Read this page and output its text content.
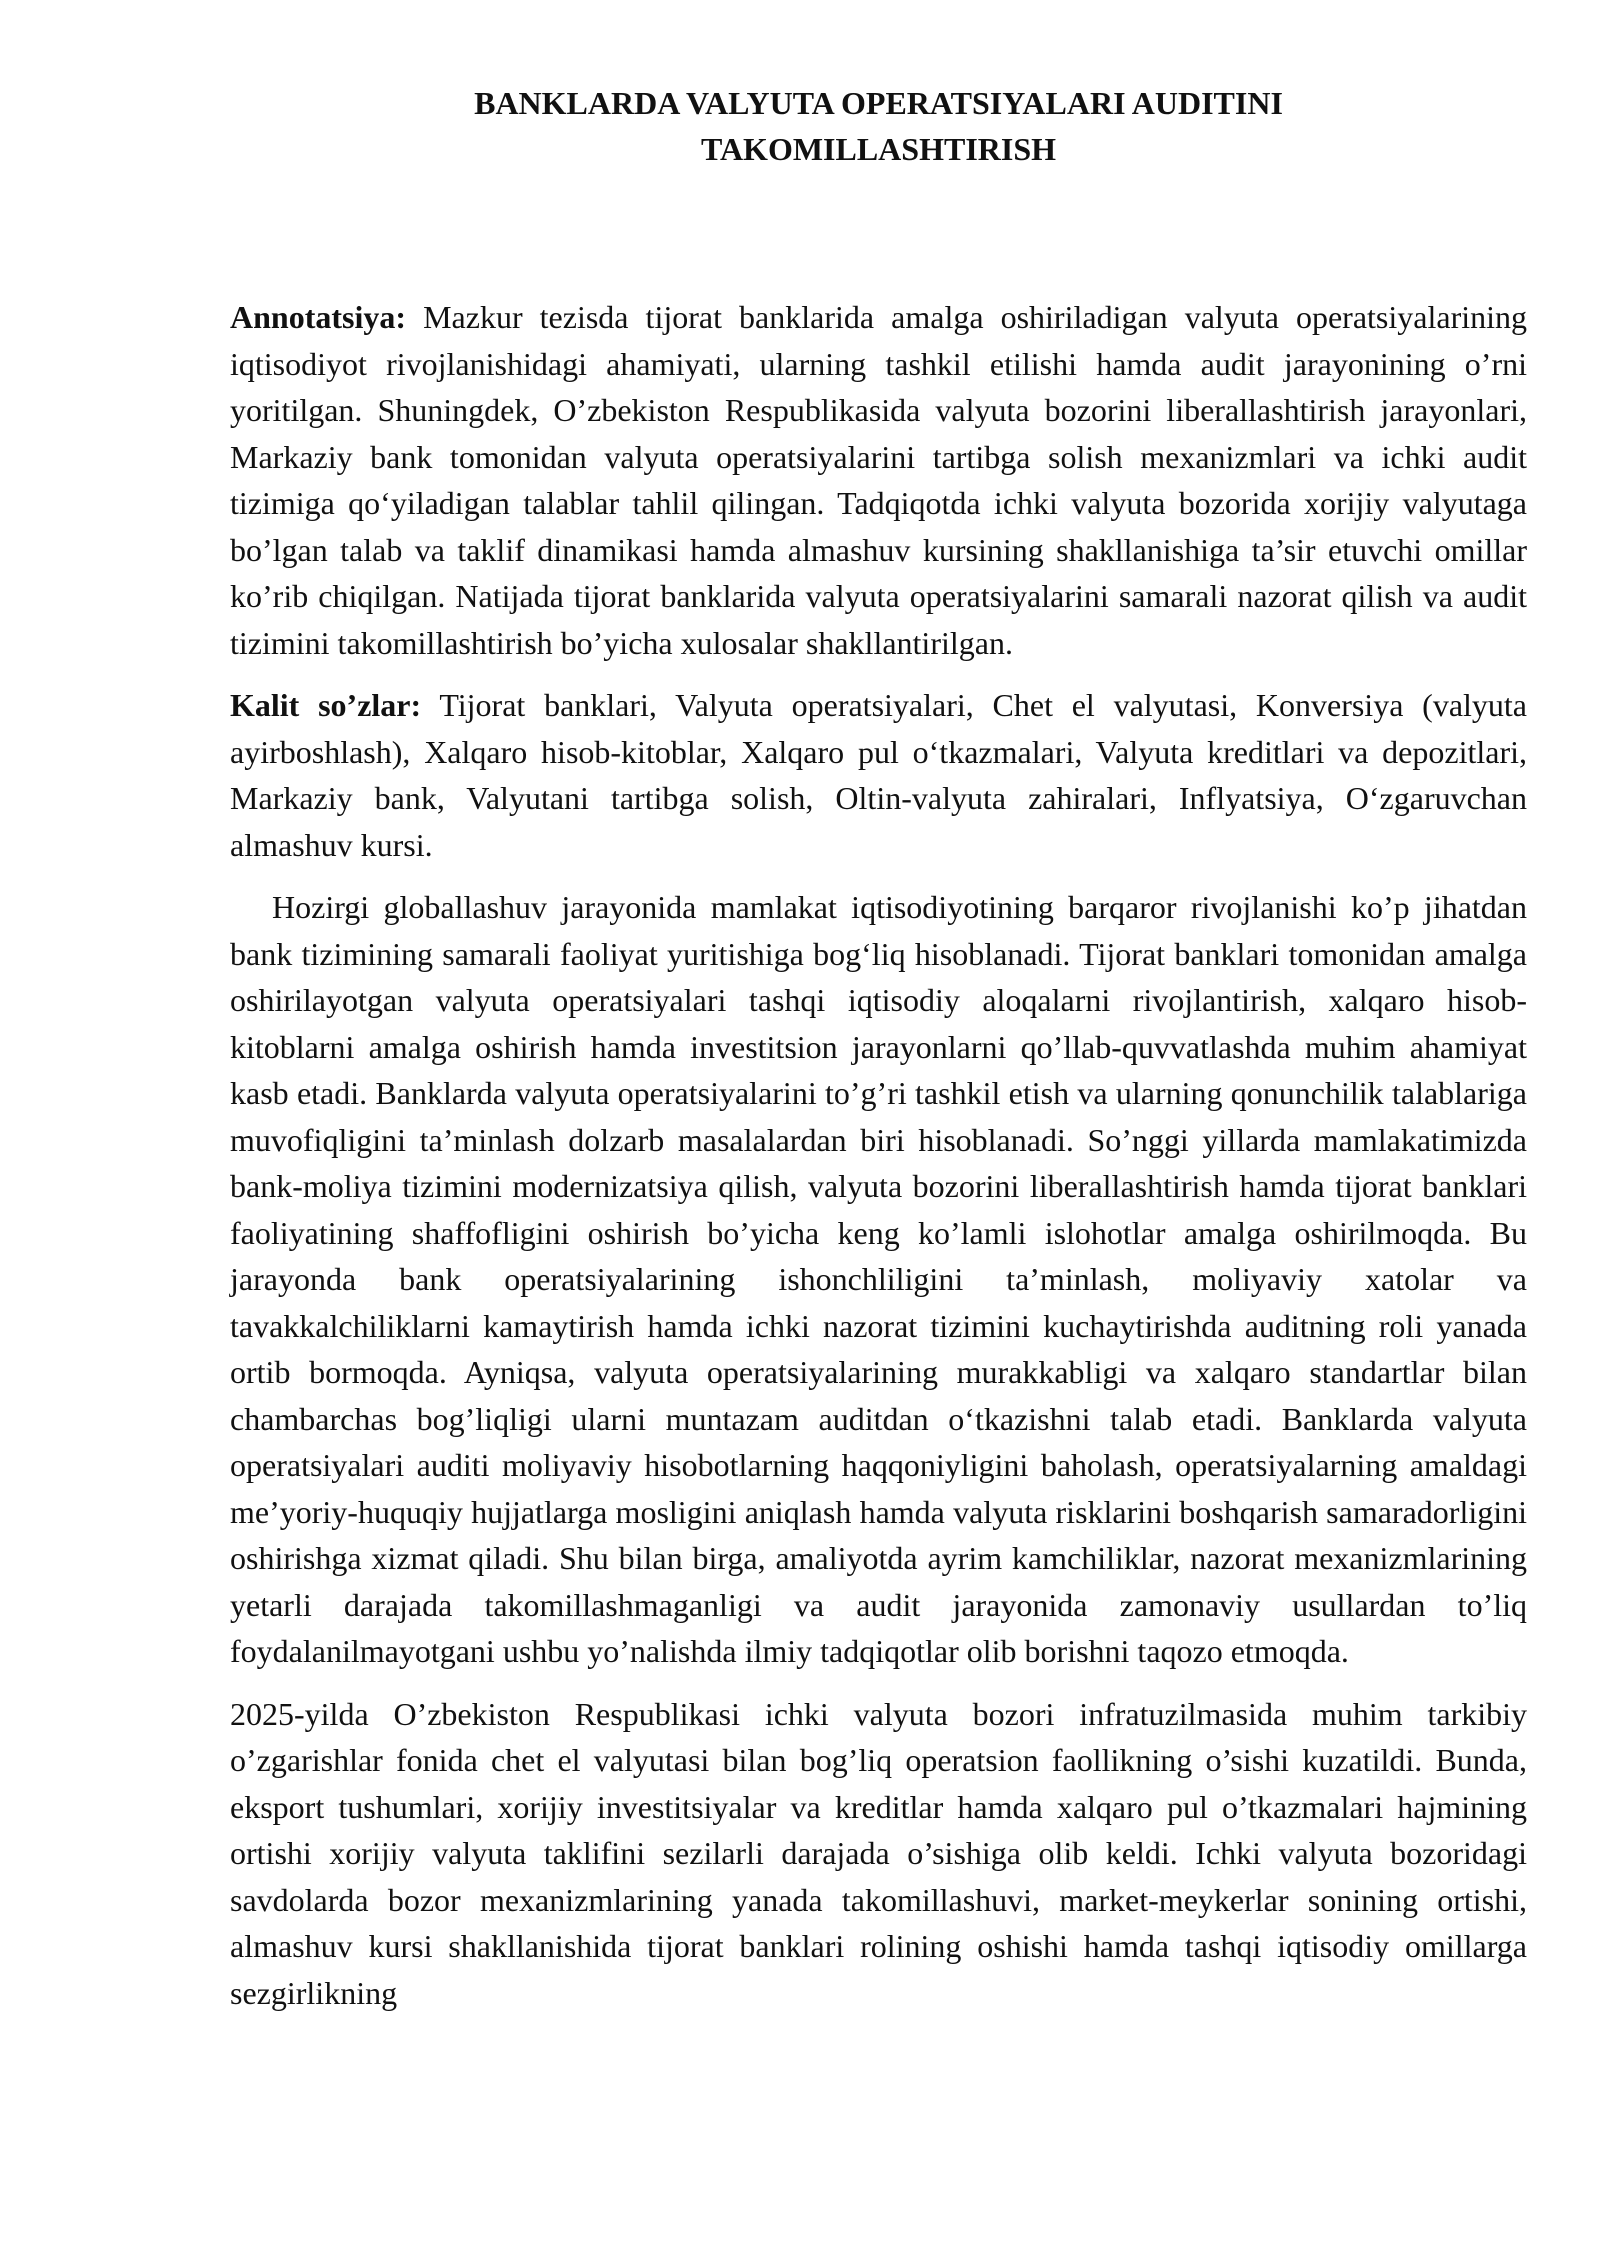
BANKLARDA VALYUTA OPERATSIYALARI AUDITINI
TAKOMILLASHTIRISH

Annotatsiya: Mazkur tezisda tijorat banklarida amalga oshiriladigan valyuta operatsiyalarining iqtisodiyot rivojlanishidagi ahamiyati, ularning tashkil etilishi hamda audit jarayonining o’rni yoritilgan. Shuningdek, O’zbekiston Respublikasida valyuta bozorini liberallashtirish jarayonlari, Markaziy bank tomonidan valyuta operatsiyalarini tartibga solish mexanizmlari va ichki audit tizimiga qo‘yiladigan talablar tahlil qilingan. Tadqiqotda ichki valyuta bozorida xorijiy valyutaga bo’lgan talab va taklif dinamikasi hamda almashuv kursining shakllanishiga ta’sir etuvchi omillar ko’rib chiqilgan. Natijada tijorat banklarida valyuta operatsiyalarini samarali nazorat qilish va audit tizimini takomillashtirish bo’yicha xulosalar shakllantirilgan.

Kalit so’zlar: Tijorat banklari, Valyuta operatsiyalari, Chet el valyutasi, Konversiya (valyuta ayirboshlash), Xalqaro hisob-kitoblar, Xalqaro pul o‘tkazmalari, Valyuta kreditlari va depozitlari, Markaziy bank, Valyutani tartibga solish, Oltin-valyuta zahiralari, Inflyatsiya, O‘zgaruvchan almashuv kursi.

Hozirgi globallashuv jarayonida mamlakat iqtisodiyotining barqaror rivojlanishi ko’p jihatdan bank tizimining samarali faoliyat yuritishiga bog‘liq hisoblanadi. Tijorat banklari tomonidan amalga oshirilayotgan valyuta operatsiyalari tashqi iqtisodiy aloqalarni rivojlantirish, xalqaro hisob-kitoblarni amalga oshirish hamda investitsion jarayonlarni qo’llab-quvvatlashda muhim ahamiyat kasb etadi. Banklarda valyuta operatsiyalarini to’g’ri tashkil etish va ularning qonunchilik talablariga muvofiqligini ta’minlash dolzarb masalalardan biri hisoblanadi. So’nggi yillarda mamlakatimizda bank-moliya tizimini modernizatsiya qilish, valyuta bozorini liberallashtirish hamda tijorat banklari faoliyatining shaffofligini oshirish bo’yicha keng ko’lamli islohotlar amalga oshirilmoqda. Bu jarayonda bank operatsiyalarining ishonchliligini ta’minlash, moliyaviy xatolar va tavakkalchiliklarni kamaytirish hamda ichki nazorat tizimini kuchaytirishda auditning roli yanada ortib bormoqda. Ayniqsa, valyuta operatsiyalarining murakkabligi va xalqaro standartlar bilan chambarchas bog’liqligi ularni muntazam auditdan o‘tkazishni talab etadi. Banklarda valyuta operatsiyalari auditi moliyaviy hisobotlarning haqqoniyligini baholash, operatsiyalarning amaldagi me’yoriy-huquqiy hujjatlarga mosligini aniqlash hamda valyuta risklarini boshqarish samaradorligini oshirishga xizmat qiladi. Shu bilan birga, amaliyotda ayrim kamchiliklar, nazorat mexanizmlarining yetarli darajada takomillashmaganligi va audit jarayonida zamonaviy usullardan to’liq foydalanilmayotgani ushbu yo’nalishda ilmiy tadqiqotlar olib borishni taqozo etmoqda.

2025-yilda O’zbekiston Respublikasi ichki valyuta bozori infratuzilmasida muhim tarkibiy o’zgarishlar fonida chet el valyutasi bilan bog’liq operatsion faollikning o’sishi kuzatildi. Bunda, eksport tushumlari, xorijiy investitsiyalar va kreditlar hamda xalqaro pul o’tkazmalari hajmining ortishi xorijiy valyuta taklifini sezilarli darajada o’sishiga olib keldi. Ichki valyuta bozoridagi savdolarda bozor mexanizmlarining yanada takomillashuvi, market-meykerlar sonining ortishi, almashuv kursi shakllanishida tijorat banklari rolining oshishi hamda tashqi iqtisodiy omillarga sezgirlikning
